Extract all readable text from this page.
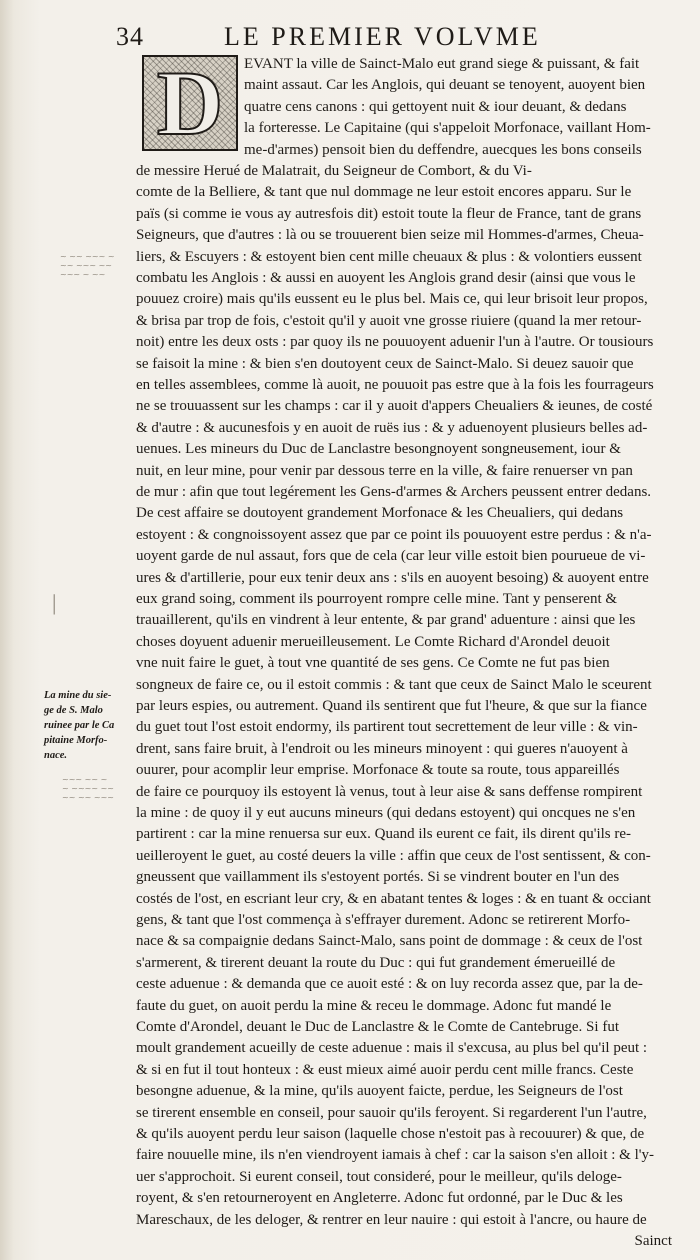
34	LE PREMIER VOLVME
D
~ ~~ ~~~ ~
~~ ~~~ ~~
~~~ ~ ~~
|
~~~ ~~ ~
~ ~~~~ ~~
~~ ~~ ~~~
La mine du sie-
ge de S. Malo
ruinee par le Ca
pitaine Morfo-
nace.
EVANT la ville de Sainct-Malo eut grand siege & puissant, & fait
maint assaut. Car les Anglois, qui deuant se tenoyent, auoyent bien
quatre cens canons : qui gettoyent nuit & iour deuant, & dedans
la forteresse. Le Capitaine (qui s'appeloit Morfonace, vaillant Hom-
me-d'armes) pensoit bien du deffendre, auecques les bons conseils
de messire Herué de Malatrait, du Seigneur de Combort, & du Vi-
comte de la Belliere, & tant que nul dommage ne leur estoit encores apparu. Sur le
païs (si comme ie vous ay autresfois dit) estoit toute la fleur de France, tant de grans
Seigneurs, que d'autres : là ou se trouuerent bien seize mil Hommes-d'armes, Cheua-
liers, & Escuyers : & estoyent bien cent mille cheuaux & plus : & volontiers eussent
combatu les Anglois : & aussi en auoyent les Anglois grand desir (ainsi que vous le
pouuez croire) mais qu'ils eussent eu le plus bel. Mais ce, qui leur brisoit leur propos,
& brisa par trop de fois, c'estoit qu'il y auoit vne grosse riuiere (quand la mer retour-
noit) entre les deux osts : par quoy ils ne pouuoyent aduenir l'un à l'autre. Or tousiours
se faisoit la mine : & bien s'en doutoyent ceux de Sainct-Malo. Si deuez sauoir que
en telles assemblees, comme là auoit, ne pouuoit pas estre que à la fois les fourrageurs
ne se trouuassent sur les champs : car il y auoit d'appers Cheualiers & ieunes, de costé
& d'autre : & aucunesfois y en auoit de ruës ius : & y aduenoyent plusieurs belles ad-
uenues. Les mineurs du Duc de Lanclastre besongnoyent songneusement, iour &
nuit, en leur mine, pour venir par dessous terre en la ville, & faire renuerser vn pan
de mur : afin que tout legérement les Gens-d'armes & Archers peussent entrer dedans.
De cest affaire se doutoyent grandement Morfonace & les Cheualiers, qui dedans
estoyent : & congnoissoyent assez que par ce point ils pouuoyent estre perdus : & n'a-
uoyent garde de nul assaut, fors que de cela (car leur ville estoit bien pourueue de vi-
ures & d'artillerie, pour eux tenir deux ans : s'ils en auoyent besoing) & auoyent entre
eux grand soing, comment ils pourroyent rompre celle mine. Tant y penserent &
trauaillerent, qu'ils en vindrent à leur entente, & par grand' aduenture : ainsi que les
choses doyuent aduenir merueilleusement. Le Comte Richard d'Arondel deuoit
vne nuit faire le guet, à tout vne quantité de ses gens. Ce Comte ne fut pas bien
songneux de faire ce, ou il estoit commis : & tant que ceux de Sainct Malo le sceurent
par leurs espies, ou autrement. Quand ils sentirent que fut l'heure, & que sur la fiance
du guet tout l'ost estoit endormy, ils partirent tout secrettement de leur ville : & vin-
drent, sans faire bruit, à l'endroit ou les mineurs minoyent : qui gueres n'auoyent à
ouurer, pour acomplir leur emprise. Morfonace & toute sa route, tous appareillés
de faire ce pourquoy ils estoyent là venus, tout à leur aise & sans deffense rompirent
la mine : de quoy il y eut aucuns mineurs (qui dedans estoyent) qui oncques ne s'en
partirent : car la mine renuersa sur eux. Quand ils eurent ce fait, ils dirent qu'ils re-
ueilleroyent le guet, au costé deuers la ville : affin que ceux de l'ost sentissent, & con-
gneussent que vaillamment ils s'estoyent portés. Si se vindrent bouter en l'un des
costés de l'ost, en escriant leur cry, & en abatant tentes & loges : & en tuant & occiant
gens, & tant que l'ost commença à s'effrayer durement. Adonc se retirerent Morfo-
nace & sa compaignie dedans Sainct-Malo, sans point de dommage : & ceux de l'ost
s'armerent, & tirerent deuant la route du Duc : qui fut grandement émerueillé de
ceste aduenue : & demanda que ce auoit esté : & on luy recorda assez que, par la de-
faute du guet, on auoit perdu la mine & receu le dommage. Adonc fut mandé le
Comte d'Arondel, deuant le Duc de Lanclastre & le Comte de Cantebruge. Si fut
moult grandement acueilly de ceste aduenue : mais il s'excusa, au plus bel qu'il peut :
& si en fut il tout honteux : & eust mieux aimé auoir perdu cent mille francs. Ceste
besongne aduenue, & la mine, qu'ils auoyent faicte, perdue, les Seigneurs de l'ost
se tirerent ensemble en conseil, pour sauoir qu'ils feroyent. Si regarderent l'un l'autre,
& qu'ils auoyent perdu leur saison (laquelle chose n'estoit pas à recouurer) & que, de
faire nouuelle mine, ils n'en viendroyent iamais à chef : car la saison s'en alloit : & l'y-
uer s'approchoit. Si eurent conseil, tout consideré, pour le meilleur, qu'ils deloge-
royent, & s'en retourneroyent en Angleterre. Adonc fut ordonné, par le Duc & les
Mareschaux, de les deloger, & rentrer en leur nauire : qui estoit à l'ancre, ou haure de
Sainct
